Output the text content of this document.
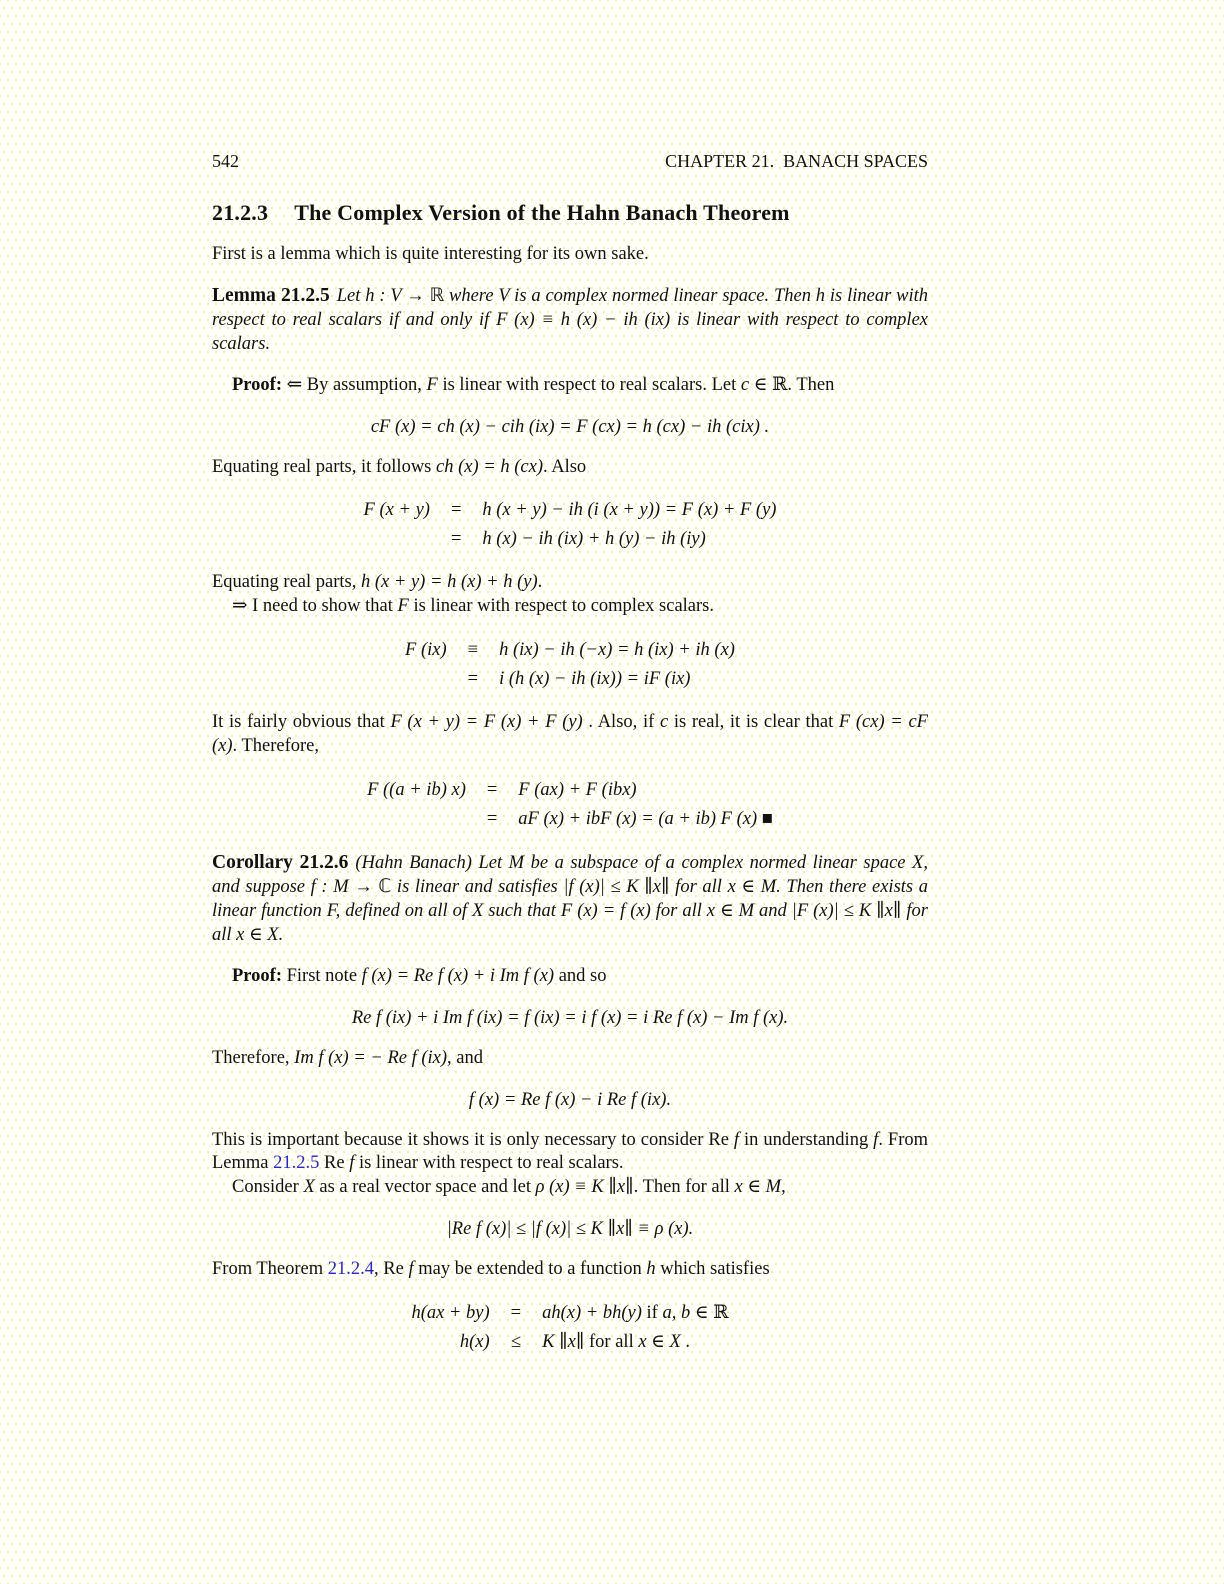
542	CHAPTER 21.  BANACH SPACES
21.2.3 The Complex Version of the Hahn Banach Theorem

First is a lemma which is quite interesting for its own sake.

Lemma 21.2.5 Let h : V → ℝ where V is a complex normed linear space. Then h is linear with respect to real scalars if and only if F (x) ≡ h (x) − ih (ix) is linear with respect to complex scalars.

Proof: ⇐ By assumption, F is linear with respect to real scalars. Let c ∈ ℝ. Then

cF (x) = ch (x) − cih (ix) = F (cx) = h (cx) − ih (cix) .

Equating real parts, it follows ch (x) = h (cx). Also

F (x + y)	=	h (x + y) − ih (i (x + y)) = F (x) + F (y)
	=	h (x) − ih (ix) + h (y) − ih (iy)

Equating real parts, h (x + y) = h (x) + h (y).

⇒ I need to show that F is linear with respect to complex scalars.

F (ix)	≡	h (ix) − ih (−x) = h (ix) + ih (x)
	=	i (h (x) − ih (ix)) = iF (ix)

It is fairly obvious that F (x + y) = F (x) + F (y) . Also, if c is real, it is clear that F (cx) = cF (x). Therefore,

F ((a + ib) x)	=	F (ax) + F (ibx)
	=	aF (x) + ibF (x) = (a + ib) F (x) ■

Corollary 21.2.6 (Hahn Banach) Let M be a subspace of a complex normed linear space X, and suppose f : M → ℂ is linear and satisfies |f (x)| ≤ K ∥x∥ for all x ∈ M. Then there exists a linear function F, defined on all of X such that F (x) = f (x) for all x ∈ M and |F (x)| ≤ K ∥x∥ for all x ∈ X.

Proof: First note f (x) = Re f (x) + i Im f (x) and so

Re f (ix) + i Im f (ix) = f (ix) = i f (x) = i Re f (x) − Im f (x).

Therefore, Im f (x) = − Re f (ix), and

f (x) = Re f (x) − i Re f (ix).

This is important because it shows it is only necessary to consider Re f in understanding f. From Lemma 21.2.5 Re f is linear with respect to real scalars.

Consider X as a real vector space and let ρ (x) ≡ K ∥x∥. Then for all x ∈ M,

|Re f (x)| ≤ |f (x)| ≤ K ∥x∥ ≡ ρ (x).

From Theorem 21.2.4, Re f may be extended to a function h which satisfies

h(ax + by)	=	ah(x) + bh(y) if a, b ∈ ℝ
h(x)	≤	K ∥x∥ for all x ∈ X .
